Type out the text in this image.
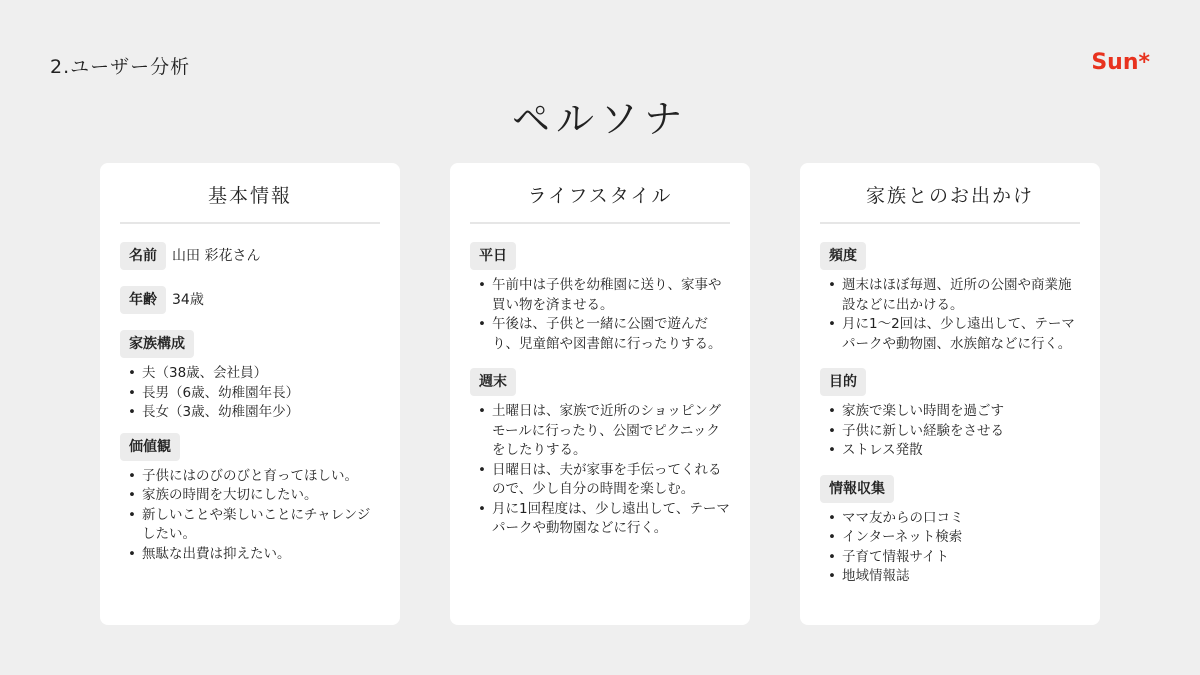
2.ユーザー分析	Sun*
ペルソナ
基本情報
名前	山田 彩花さん
年齢	34歳
家族構成
• 夫（38歳、会社員）
• 長男（6歳、幼稚園年長）
• 長女（3歳、幼稚園年少）
価値観
• 子供にはのびのびと育ってほしい。
• 家族の時間を大切にしたい。
• 新しいことや楽しいことにチャレンジしたい。
• 無駄な出費は抑えたい。
ライフスタイル
平日
• 午前中は子供を幼稚園に送り、家事や買い物を済ませる。
• 午後は、子供と一緒に公園で遊んだり、児童館や図書館に行ったりする。
週末
• 土曜日は、家族で近所のショッピングモールに行ったり、公園でピクニックをしたりする。
• 日曜日は、夫が家事を手伝ってくれるので、少し自分の時間を楽しむ。
• 月に1回程度は、少し遠出して、テーマパークや動物園などに行く。
家族とのお出かけ
頻度
• 週末はほぼ毎週、近所の公園や商業施設などに出かける。
• 月に1〜2回は、少し遠出して、テーマパークや動物園、水族館などに行く。
目的
• 家族で楽しい時間を過ごす
• 子供に新しい経験をさせる
• ストレス発散
情報収集
• ママ友からの口コミ
• インターネット検索
• 子育て情報サイト
• 地域情報誌
